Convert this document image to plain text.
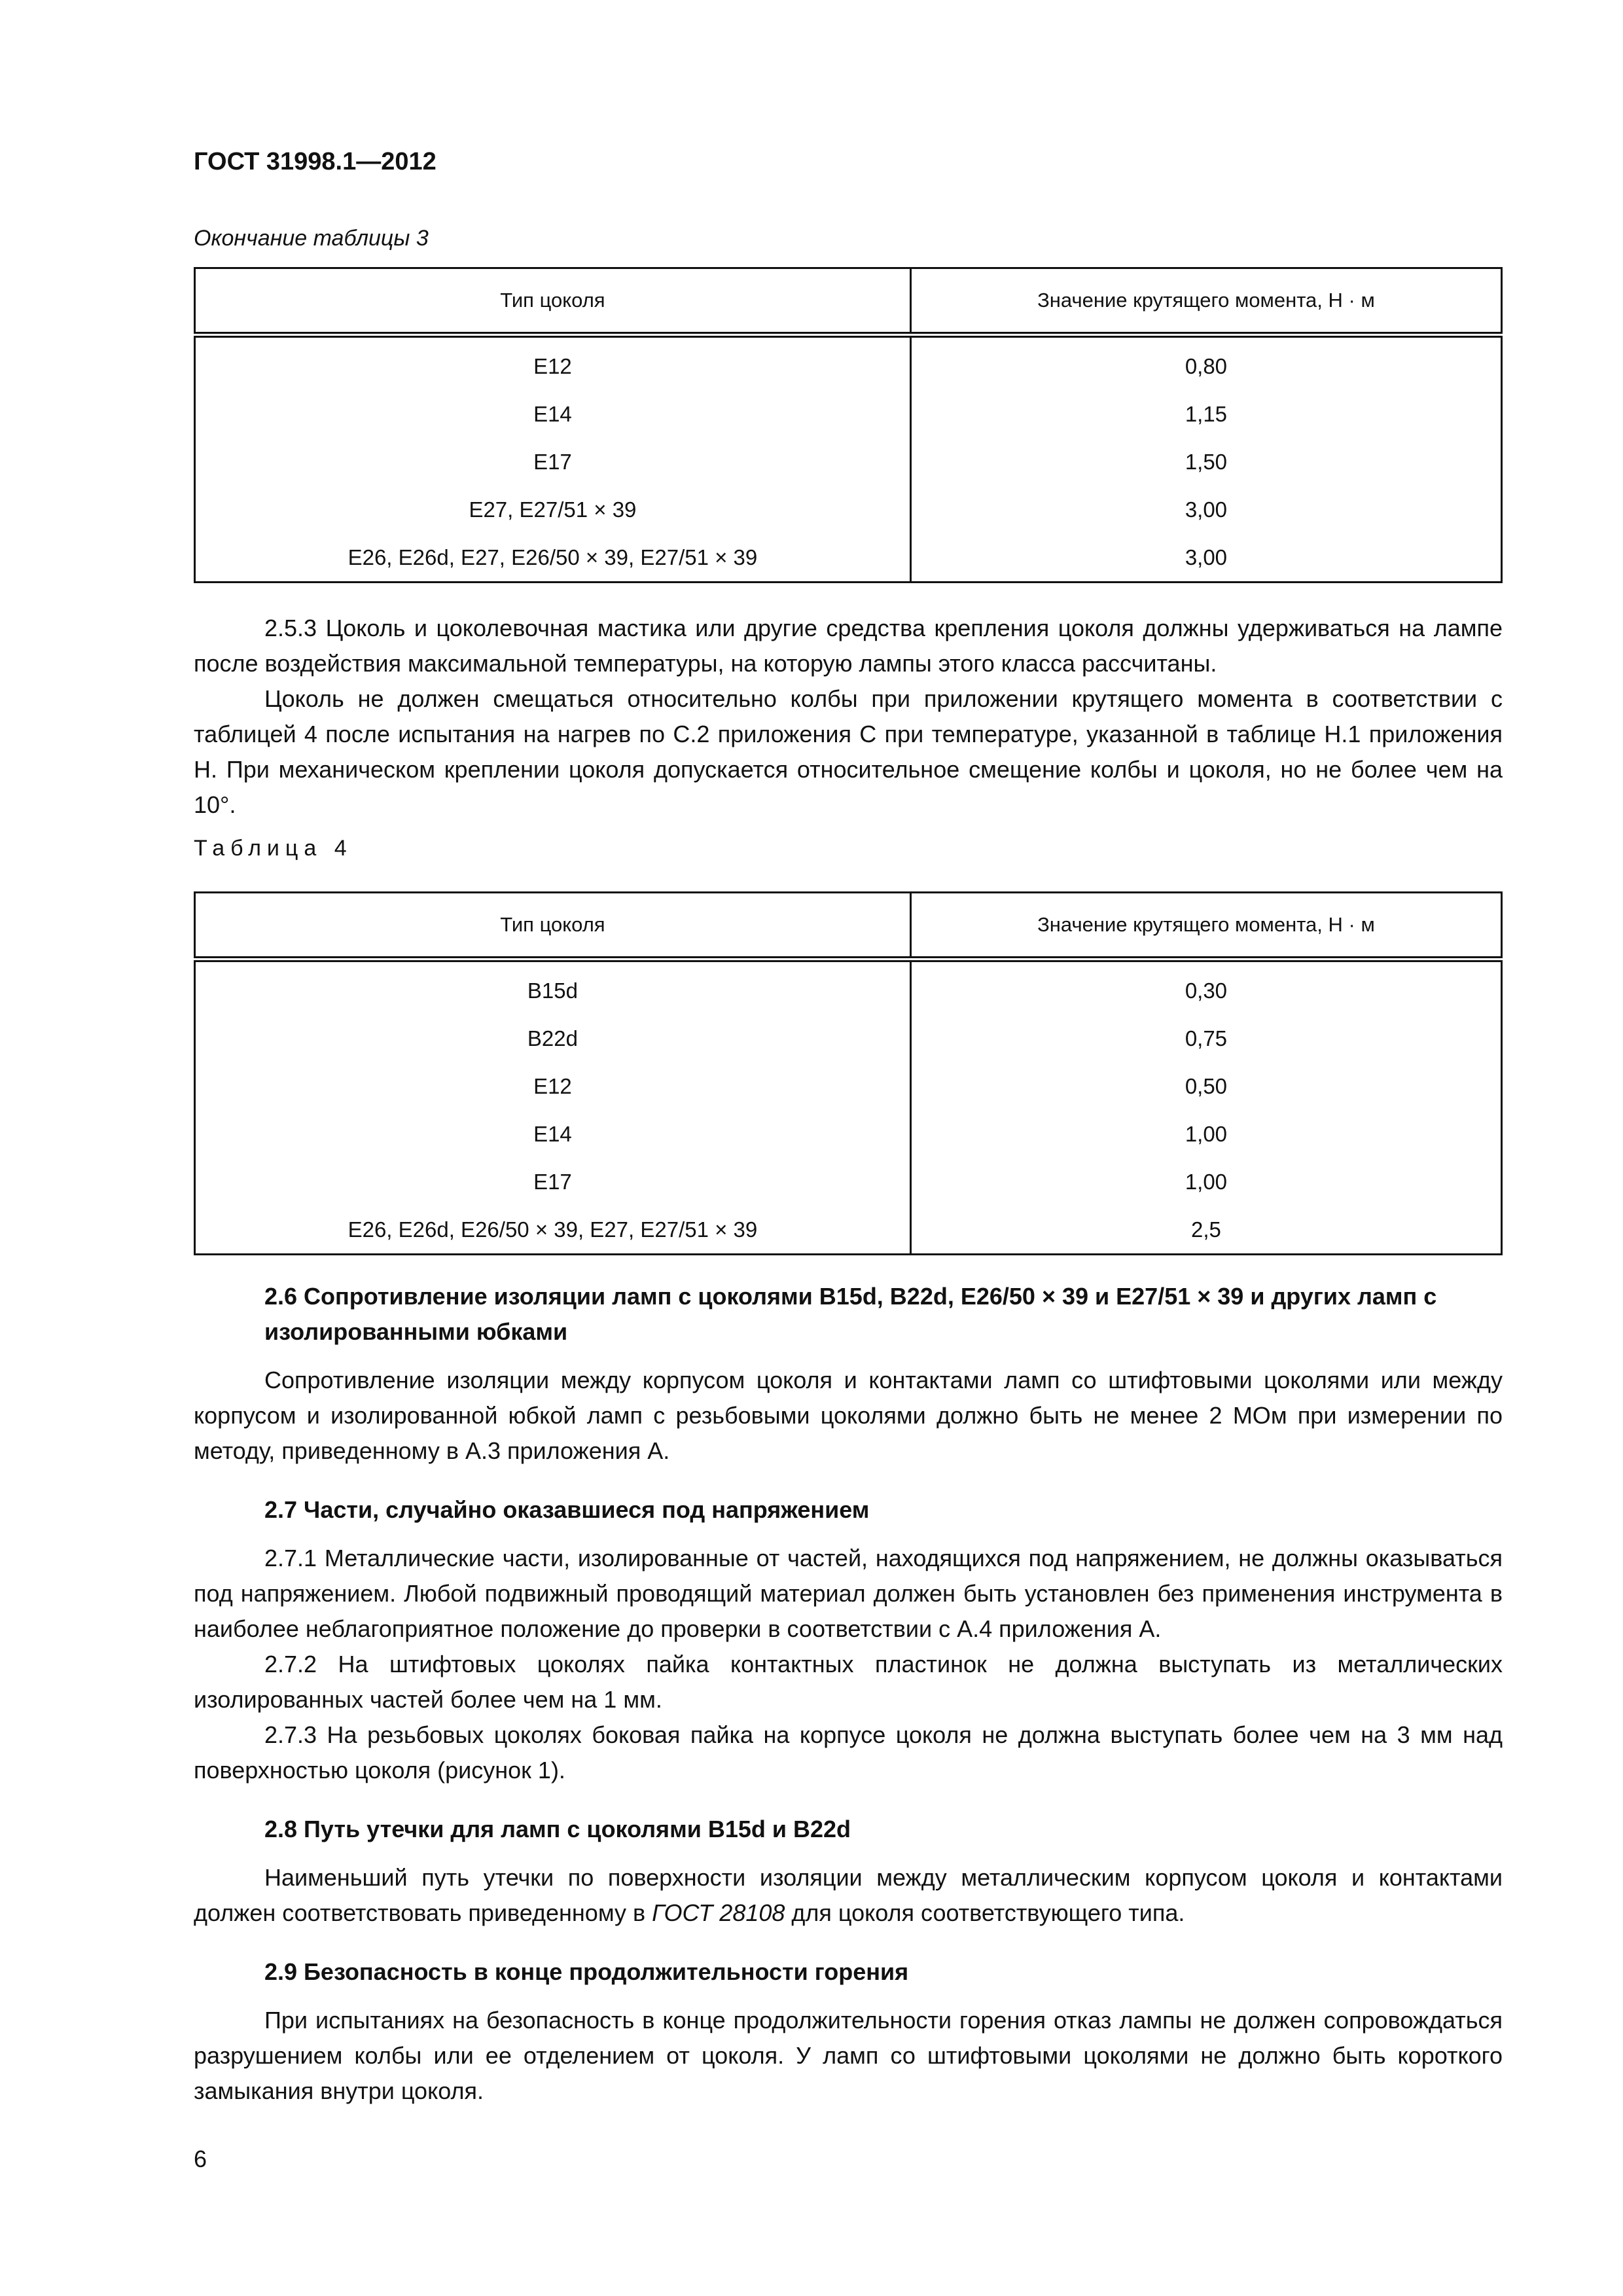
ГОСТ 31998.1—2012
Окончание таблицы 3
Тип цоколя	Значение крутящего момента, Н · м
E12	0,80
E14	1,15
E17	1,50
E27, E27/51 × 39	3,00
E26, E26d, E27, E26/50 × 39, E27/51 × 39	3,00

2.5.3 Цоколь и цоколевочная мастика или другие средства крепления цоколя должны удерживаться на лампе после воздействия максимальной температуры, на которую лампы этого класса рассчитаны.

Цоколь не должен смещаться относительно колбы при приложении крутящего момента в соответствии с таблицей 4 после испытания на нагрев по С.2 приложения С при температуре, указанной в таблице Н.1 приложения Н. При механическом креплении цоколя допускается относительное смещение колбы и цоколя, но не более чем на 10°.

Таблица 4
Тип цоколя	Значение крутящего момента, Н · м
B15d	0,30
B22d	0,75
E12	0,50
E14	1,00
E17	1,00
E26, E26d, E26/50 × 39, E27, E27/51 × 39	2,5
2.6 Сопротивление изоляции ламп с цоколями B15d, B22d, E26/50 × 39 и E27/51 × 39 и других ламп с изолированными юбками

Сопротивление изоляции между корпусом цоколя и контактами ламп со штифтовыми цоколями или между корпусом и изолированной юбкой ламп с резьбовыми цоколями должно быть не менее 2 МОм при измерении по методу, приведенному в А.3 приложения А.

2.7 Части, случайно оказавшиеся под напряжением

2.7.1 Металлические части, изолированные от частей, находящихся под напряжением, не должны оказываться под напряжением. Любой подвижный проводящий материал должен быть установлен без применения инструмента в наиболее неблагоприятное положение до проверки в соответствии с А.4 приложения А.

2.7.2 На штифтовых цоколях пайка контактных пластинок не должна выступать из металлических изолированных частей более чем на 1 мм.

2.7.3 На резьбовых цоколях боковая пайка на корпусе цоколя не должна выступать более чем на 3 мм над поверхностью цоколя (рисунок 1).

2.8 Путь утечки для ламп с цоколями B15d и B22d

Наименьший путь утечки по поверхности изоляции между металлическим корпусом цоколя и контактами должен соответствовать приведенному в ГОСТ 28108 для цоколя соответствующего типа.

2.9 Безопасность в конце продолжительности горения

При испытаниях на безопасность в конце продолжительности горения отказ лампы не должен сопровождаться разрушением колбы или ее отделением от цоколя. У ламп со штифтовыми цоколями не должно быть короткого замыкания внутри цоколя.

6
